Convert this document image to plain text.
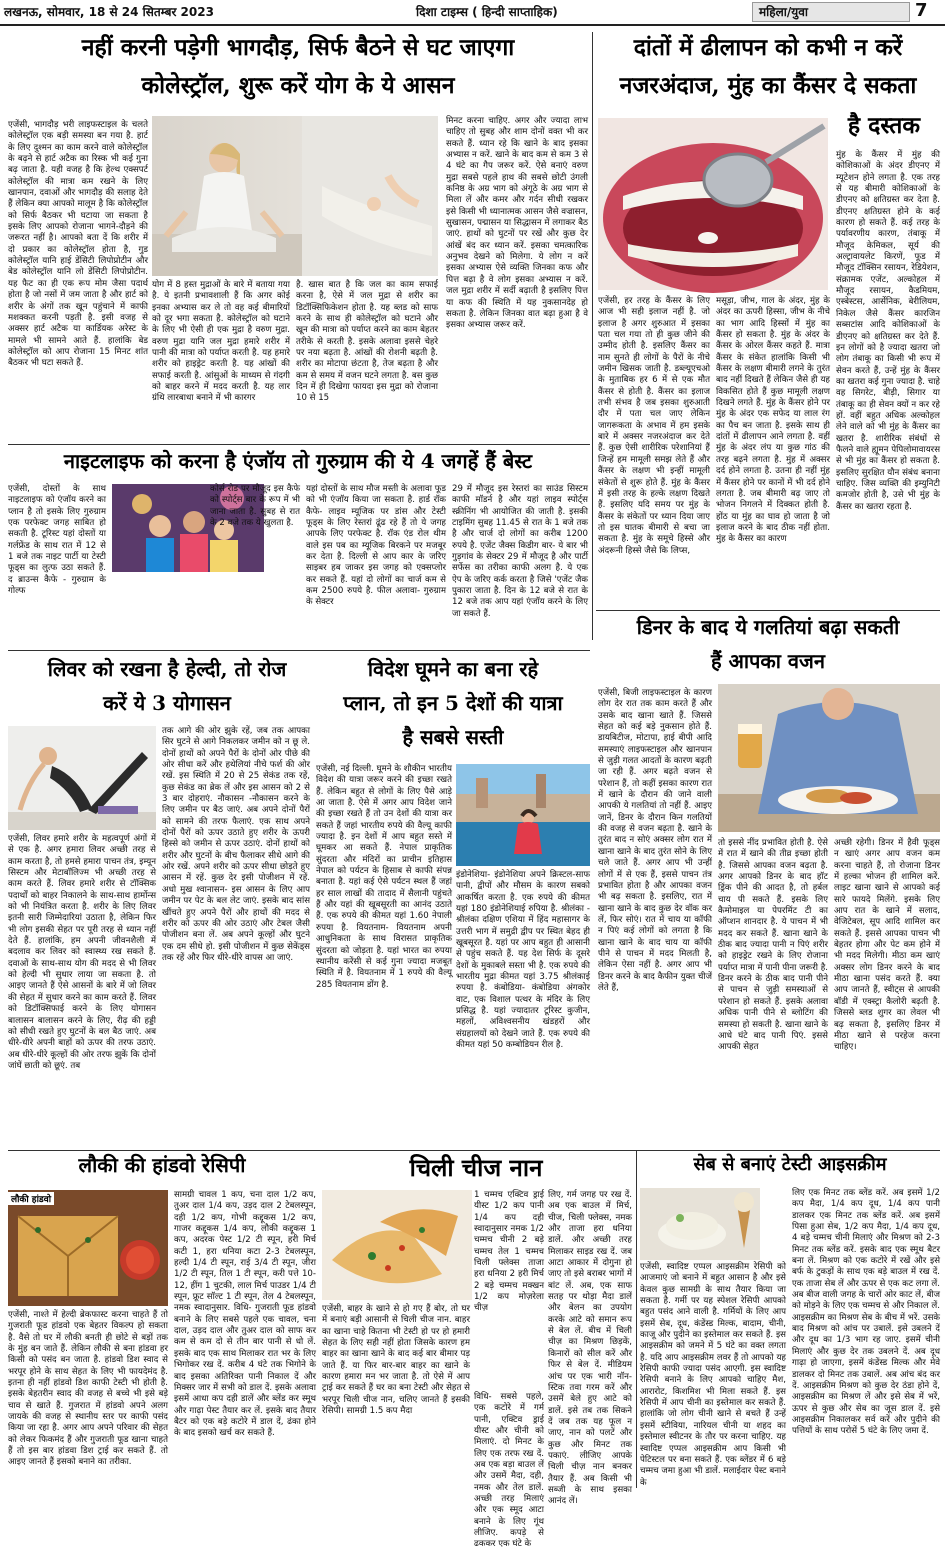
लखनऊ, सोमवार, 18 से 24 सितम्बर 2023	दिशा टाइम्स ( हिन्दी साप्ताहिक)	महिला/युवा	7
नहीं करनी पड़ेगी भागदौड़, सिर्फ बैठने से घट जाएगा
कोलेस्ट्रॉल, शुरू करें योग के ये आसन
एजेंसी, भागदौड़ भरी लाइफस्टाइल के चलते कोलेस्ट्रॉल एक बड़ी समस्या बन गया है. हार्ट के लिए दुश्मन का काम करने वाले कोलेस्ट्रॉल के बढ़ने से हार्ट अटैक का रिस्क भी कई गुना बढ़ जाता है. यही वजह है कि हेल्थ एक्सपर्ट कोलेस्ट्रॉल की मात्रा कम रखने के लिए खानपान, दवाओं और भागदौड़ की सलाह देते हैं लेकिन क्या आपको मालूम है कि कोलेस्ट्रॉल को सिर्फ बैठकर भी घटाया जा सकता है इसके लिए आपको रोजाना भागने-दौड़ने की जरूरत नहीं है। आपको बता दें कि शरीर में दो प्रकार का कोलेस्ट्रॉल होता है, गुड कोलेस्ट्रॉल यानि हाई डेंसिटी लिपोप्रोटीन और बेड कोलेस्ट्रॉल यानि लो डेंसिटी लिपोप्रोटीन. यह फैट का ही एक रूप मोम जैसा पदार्थ होता है जो नसों में जम जाता है और हार्ट को शरीर के अंगों तक खून पहुंचाने में काफी मशक्कत करनी पड़ती है. इसी वजह से अक्सर हार्ट अटैक या कार्डियक अरेस्ट के मामले भी सामने आते हैं. हालांकि बेड कोलेस्ट्रॉल को आप रोजाना 15 मिनट शांत बैठकर भी घटा सकते हैं.
योग में 8 हस्त मुद्राओं के बारे में बताया गया है. ये इतनी प्रभावशाली हैं कि अगर कोई इनका अभ्यास कर ले तो वह कई बीमारियों को दूर भगा सकता है. कोलेस्ट्रॉल को घटाने के लिए भी ऐसी ही एक मुद्रा है वरुण मुद्रा. वरुण मुद्रा यानि जल मुद्रा हमारे शरीर में पानी की मात्रा को पर्याप्त करती है. यह हमारे शरीर को हाइड्रेट करती है. यह आंखों की सफाई करती है. आंसुओं के माध्यम से गंदगी को बाहर करने में मदद करती है. यह लार ग्रंथि लारबाधा बनाने में भी कारगर
है. खास बात है कि जल का काम सफाई करना है, ऐसे में जल मुद्रा से शरीर का डिटॉक्सिफिकेशन होता है. यह ब्लड को साफ करने के साथ ही कोलेस्ट्रॉल को घटाने और खून की मात्रा को पर्याप्त करने का काम बेहतर तरीके से करती है. इसके अलावा इससे चेहरे पर नया बढ़ता है. आंखों की रोशनी बढ़ती है. शरीर का मोटापा छंटता है, तेज बढ़ता है और कम से समय में वजन घटने लगता है. बस कुछ दिन में ही दिखेगा फायदा इस मुद्रा को रोजाना 10 से 15
मिनट करना चाहिए. अगर और ज्यादा लाभ चाहिए तो सुबह और शाम दोनों वक्त भी कर सकते हैं. ध्यान रहे कि खाने के बाद इसका अभ्यास न करें. खाने के बाद कम से कम 3 से 4 घंटे का गैप जरूर करें. ऐसे बनाएं वरुण मुद्रा सबसे पहले हाथ की सबसे छोटी उंगली कनिष्ठ के अग्र भाग को अंगूठे के अग्र भाग से मिला लें और कमर और गर्दन सीधी रखकर इसे किसी भी ध्यानात्मक आसन जैसे वज्रासन, सुखासन, पद्मासन या सिद्धासन में लगाकर बैठ जाएं. हाथों को घुटनों पर रखें और कुछ देर आंखें बंद कर ध्यान करें. इसका चमत्कारिक अनुभव देखने को मिलेगा. ये लोग न करें इसका अभ्यास ऐसे व्यक्ति जिनका कफ और पित्त बढ़ा है वे लोग इसका अभ्यास न करें. जल मुद्रा शरीर में सर्दी बढ़ाती है इसलिए पित्त या कफ की स्थिति में यह नुकसानदेह हो सकता है. लेकिन जिनका वात बढ़ा हुआ है वे इसका अभ्यास जरूर करें.
दांतों में ढीलापन को कभी न करें
नजरअंदाज, मुंह का कैंसर दे सकता
है दस्तक
मुंह के कैंसर में मुंह की कोशिकाओं के अंदर डीएनए में म्यूटेशन होने लगता है. एक तरह से यह बीमारी कोशिकाओं के डीएनए को क्षतिग्रस्त कर देता है. डीएनए क्षतिग्रस्त होने के कई कारण हो सकते हैं. कई तरह के पर्यावरणीय कारण, तंबाकू में मौजूद केमिकल, सूर्य की अल्ट्रावायलेट किरणें, फूड में मौजूद टॉक्सिन रसायन, रेडियेशन, संक्रामक एजेंट, अल्कोहल में मौजूद रसायन, कैडमियम, एस्बेस्टस, आर्सेनिक, बेरीलियम, निकेल जैसे कैंसर कारजिन सब्सटांस आदि कोशिकाओं के डीएनए को क्षतिग्रस्त कर देते हैं. इन लोगों को है ज्यादा खतरा जो लोग तंबाकू का किसी भी रूप में सेवन करते हैं, उन्हें मुंह के कैंसर का खतरा कई गुना ज्यादा है. चाहे वह सिगरेट, बीड़ी, सिगार या तंबाकू का ही सेवन क्यों न कर रहे हों. वहीं बहुत अधिक अल्कोहल लेने वाले को भी मुंह के कैंसर का खतरा है. शारीरिक संबंधों से फैलने वाले ह्यूमन पेपिलोमावायरस से भी मुंह का कैंसर हो सकता है. इसलिए सुरक्षित यौन संबंध बनाना चाहिए. जिस व्यक्ति की इम्युनिटी कमजोर होती है, उसे भी मुंह के कैंसर का खतरा रहता है.
एजेंसी, हर तरह के कैंसर के लिए आज भी सही इलाज नहीं है. जो इलाज है अगर शुरुआत में इसका पता चल गया तो ही कुछ जीने की उम्मीद होती है. इसलिए कैंसर का नाम सुनते ही लोगों के पैरों के नीचे जमीन खिसक जाती है. डब्ल्यूएचओ के मुताबिक हर 6 में से एक मौत कैंसर से होती है. कैंसर का इलाज तभी संभव है जब इसका शुरुआती दौर में पता चल जाए लेकिन जागरूकता के अभाव में हम इसके बारे में अक्सर नजरअंदाज कर देते हैं. कुछ ऐसी शारीरिक परेशानियां हैं जिन्हें हम मामूली समझ लेते हैं और कैंसर के लक्षण भी इन्हीं मामूली संकेतों से शुरू होते हैं. मुंह के कैंसर में इसी तरह के हल्के लक्षण दिखते हैं. इसलिए यदि समय पर मुंह के कैंसर के संकेतों पर ध्यान दिया जाए तो इस घातक बीमारी से बचा जा सकता है. मुंह के समूचे हिस्से और अंदरूनी हिस्से जैसे कि लिप्स,
मसूड़ा, जीभ, गाल के अंदर, मुंह के अंदर का ऊपरी हिस्सा, जीभ के नीचे का भाग आदि हिस्सों में मुंह का कैंसर हो सकता है. मुंह के अंदर के कैंसर के ओरल कैंसर कहते हैं. मात्रा कैंसर के संकेत हालांकि किसी भी कैंसर के लक्षण बीमारी लगने के तुरंत बाद नहीं दिखते हैं लेकिन जैसे ही यह विकसित होते हैं कुछ मामूली लक्षण दिखने लगते हैं. मुंह के कैंसर होने पर मुंह के अंदर एक सफेद या लाल रंग का पैच बन जाता है. इसके साथ ही दांतों में ढीलापन आने लगता है. वहीं मुंह के अंदर लंप या कुछ गांठ की तरह बढ़ने लगता है. मुंह में अक्सर दर्द होने लगता है. उतना ही नहीं मुंह में कैंसर होने पर कानों में भी दर्द होने लगता है. जब बीमारी बढ़ जाए तो भोजन निगलने में दिक्कत होती है. होंठ या मुंह का घाव हो जाता है जो इलाज करने के बाद ठीक नहीं होता. मुंह के कैंसर का कारण
नाइटलाइफ को करना है एंजॉय तो गुरुग्राम की ये 4 जगहें हैं बेस्ट
एजेंसी, दोस्तों के साथ नाइटलाइफ को एंजॉय करने का प्लान है तो इसके लिए गुरुग्राम एक परफेक्ट जगह साबित हो सकती है. टूरिस्ट यहां दोस्तों या गर्लफ्रेंड के साथ रात में 12 से 1 बजे तक नाइट पार्टी या टेस्टी फूड्स का लुत्फ उठा सकते हैं. द ब्राउन्स कैफे - गुरुग्राम के गोल्फ
कोर्स रोड पर मौजूद इस कैफे को स्पोर्ट्स बार के रूप में भी जाना जाता है. सुबह से रात के 2 बजे तक ये खुलता है.
यहां दोस्तों के साथ मौज मस्ती के अलावा फूड को भी एंजॉय किया जा सकता है. हार्ड रॉक कैफे- लाइव म्यूजिक पर डांस और टेस्टी फूड्स के लिए रेस्तरां ढूंढ रहे हैं तो ये जगह आपके लिए परफेक्ट है. रॉक एंड रोल थीम वाले इस पब का म्यूजिक बिरकने पर मजबूर कर देता है. दिल्ली से आप कार के जरिए साइबर हब जाकर इस जगह को एक्सप्लोर कर सकते हैं. यहां दो लोगों का चार्ज कम से कम 2500 रुपये है. फील अलावा- गुरुग्राम के सेक्टर
29 में मौजूद इस रेस्तरां का साउंड सिस्टम काफी मॉडर्न है और यहां लाइव स्पोर्ट्स स्क्रीनिंग भी आयोजित की जाती है. इसकी टाइमिंग सुबह 11.45 से रात के 1 बजे तक है और चार्ज दो लोगों का करीब 1200 रुपये है. एजेंट जैक्स किडीग बार- ये बार भी गुड़गांव के सेक्टर 29 में मौजूद है और पार्टी सर्फेस का तरीका काफी अलग है. ये एक ऐप के जरिए कर्क करता है जिसे 'एजेंट जैक पुकारा जाता है. दिन के 12 बजे से रात के 12 बजे तक आप यहां एंजॉय करने के लिए जा सकते हैं.
डिनर के बाद ये गलतियां बढ़ा सकती
हैं आपका वजन
एजेंसी, बिजी लाइफस्टाइल के कारण लोग देर रात तक काम करते हैं और उसके बाद खाना खाते हैं. जिससे सेहत को कई बड़े नुकसान होते हैं. डायबिटीज, मोटापा, हाई बीपी आदि समस्याएं लाइफस्टाइल और खानपान से जुड़ी गलत आदतों के कारण बढ़ती जा रही हैं. अगर बढ़ते वजन से परेशान हैं, तो कहीं इसका कारण रात में खाने के दौरान की जाने वाली आपकी ये गलतियां तो नहीं हैं. आइए जानें, डिनर के दौरान किन गलतियों की वजह से वजन बढ़ता है. खाने के तुरंत बाद न सोएं अक्सर लोग रात में खाना खाने के बाद तुरंत सोने के लिए चले जाते हैं. अगर आप भी उन्हीं लोगों में से एक हैं, इससे पाचन तंत्र प्रभावित होता है और आपका वजन भी बढ़ सकता है. इसलिए, रात में खाना खाने के बाद कुछ देर वॉक कर लें, फिर सोएं। रात में चाय या कॉफी न पिएं कई लोगों को लगता है कि खाना खाने के बाद चाय या कॉफी पीने से पाचन में मदद मिलती है, लेकिन ऐसा नहीं है. अगर आप भी डिनर करने के बाद कैफीन युक्त चीजें लेते हैं,
तो इससे नींद प्रभावित होती है. ऐसे में रात में खाने की तीव्र इच्छा होती है. जिससे आपका वजन बढ़ता है. अगर आपको डिनर के बाद हॉट ड्रिंक पीने की आदत है, तो हर्बल चाय पी सकते हैं. इसके लिए कैमोमाइल या पेपरमिंट टी का ऑप्शन शानदार है. ये पाचन में भी मदद कर सकते हैं. खाना खाने के ठीक बाद ज्यादा पानी न पिएं शरीर को हाइड्रेट रखने के लिए रोजाना पर्याप्त मात्रा में पानी पीना जरूरी है. डिनर करने के ठीक बाद पानी पीने से पाचन से जुड़ी समस्याओं से परेशान हो सकते हैं. इसके अलावा अधिक पानी पीने से ब्लोटिंग की समस्या हो सकती है. खाना खाने के आधे घंटे बाद पानी पिएं. इससे आपकी सेहत
अच्छी रहेगी। डिनर में हैवी फूड्स न खाएं अगर आप वजन कम करना चाहते हैं, तो रोजाना डिनर में हल्का भोजन ही शामिल करें. लाइट खाना खाने से आपको कई सारे फायदे मिलेंगे. इसके लिए आप रात के खाने में सलाद, वेजिटेबल, सूप आदि शामिल कर सकते हैं. इससे आपका पाचन भी बेहतर होगा और पेट कम होने में भी मदद मिलेगी। मीठा कम खाएं अक्सर लोग डिनर करने के बाद मीठा खाना पसंद करते हैं. क्या आप जानते हैं, स्वीट्स से आपकी बॉडी में एक्स्ट्रा कैलोरी बढ़ती है. जिससे ब्लड शुगर का लेवल भी बढ़ सकता है, इसलिए डिनर में मीठा खाने से परहेज करना चाहिए।
लिवर को रखना है हेल्दी, तो रोज
करें ये 3 योगासन
एजेंसी, लिवर हमारे शरीर के महत्वपूर्ण अंगों में से एक है. अगर हमारा लिवर अच्छी तरह से काम करता है, तो हमसे हमारा पाचन तंत्र, इम्यून सिस्टम और मेटाबॉलिज्म भी अच्छी तरह से काम करते हैं. लिवर हमारे शरीर से टॉक्सिक पदार्थों को बाहर निकालने के साथ-साथ हार्मोन्स को भी नियंत्रित करता है. शरीर के लिए लिवर इतनी सारी जिम्मेदारियां उठाता है, लेकिन फिर भी लोग इसकी सेहत पर पूरी तरह से ध्यान नहीं देते हैं. हालांकि, हम अपनी जीवनशैली में बदलाव कर लिवर को स्वास्थ्य रख सकते हैं. दवाओं के साथ-साथ योग की मदद से भी लिवर को हेल्दी भी सुधार लाया जा सकता है. तो आइए जानते हैं ऐसे आसनों के बारे में जो लिवर की सेहत में सुधार करने का काम करते हैं. लिवर को डिटॉक्सिफाई करने के लिए योगासन बालासन बालासन करने के लिए, रीढ़ की हड्डी को सीधी रखते हुए घुटनों के बल बैठ जाएं. अब धीरे-धीरे अपनी बाहों को ऊपर की तरफ उठाएं. अब धीरे-धीरे कूल्हों की ओर तरफ झुकें कि दोनों जांघें छाती को छूएं. तब
तक आगे की ओर झुके रहें, जब तक आपका सिर घुटने से आगे निकलकर जमीन को न छू ले. दोनों हाथों को अपने पैरों के दोनों ओर पीछे की ओर सीधा करें और हथेलियां नीचे फर्श की ओर रखें. इस स्थिति में 20 से 25 सेकंड तक रहें, कुछ सेकंड का ब्रेक लें और इस आसन को 2 से 3 बार दोहराएं. नौकासन -नौकासन करने के लिए जमीन पर बैठ जाएं. अब अपने दोनों पैरों को सामने की तरफ फैलाएं. एक साथ अपने दोनों पैरों को ऊपर उठाते हुए शरीर के ऊपरी हिस्से को जमीन से ऊपर उठाएं. दोनों हाथों को शरीर और घुटनों के बीच फैलाकर सीधे आगे की ओर रखें. अपने शरीर को ऊपर सीधा छोड़ते हुए आसन में रहें. कुछ देर इसी पोजीशन में रहें. अधो मुख श्वानासन- इस आसन के लिए आप जमीन पर पेट के बल लेट जाएं. इसके बाद सांस खींचते हुए अपने पैरों और हाथों की मदद से शरीर को ऊपर की ओर उठाएं और टेबल जैसी पोजीशन बना लें. अब अपने कूल्हों और घुटने एक दम सीधे हो. इसी पोजीशन में कुछ सेकेंड्स तक रहें और फिर धीरे-धीरे वापस आ जाएं.
विदेश घूमने का बना रहे
प्लान, तो इन 5 देशों की यात्रा
है सबसे सस्ती
एजेंसी, नई दिल्ली. घूमने के शौकीन भारतीय विदेश की यात्रा जरूर करने की इच्छा रखते हैं. लेकिन बहुत से लोगों के लिए पैसे आड़े आ जाता है. ऐसे में अगर आप विदेश जाने की इच्छा रखते हैं तो उन देशों की यात्रा कर सकते हैं जहां भारतीय रुपये की वैल्यू काफी ज्यादा है. इन देशों में आप बहुत सस्ते में घूमकर आ सकते हैं. नेपाल प्राकृतिक सुंदरता और मंदिरों का प्राचीन इतिहास नेपाल को पर्यटन के हिसाब से काफी संपन्न बनाता है. यहां कई ऐसे पर्यटन स्थल हैं जहां हर साल लाखों की तादाद में सैलानी पहुंचते हैं और यहां की खूबसूरती का आनंद उठाते हैं. एक रुपये की कीमत यहां 1.60 नेपाली रुपया है. वियतनाम- वियतनाम अपनी आधुनिकता के साथ विरासत प्राकृतिक सुंदरता को जोड़ता है. यहां भारत का रुपया स्थानीय करेंसी से कई गुना ज्यादा मजबूत स्थिति में है. वियतनाम में 1 रुपये की वैल्यू 285 वियतनाम डोंग है.
इंडोनेशिया- इंडोनेशिया अपने क्रिस्टल-साफ पानी, द्वीपों और मौसम के कारण सबको आकर्षित करता है. एक रुपये की कीमत यहां 180 इंडोनेशियाई रुपिया है. श्रीलंका - श्रीलंका दक्षिण एशिया में हिंद महासागर के उत्तरी भाग में समुद्री द्वीप पर स्थित बेहद ही खूबसूरत है. यहां पर आप बहुत ही आसानी से पहुंच सकते हैं. यह देश सिर्फ के दूसरे देशों के मुकाबले सस्ता भी है. एक रुपये की भारतीय मुद्रा कीमत यहां 3.75 श्रीलंकाई रुपया है. कंबोडिया- कंबोडिया अंगकोर वाट, एक विशाल पत्थर के मंदिर के लिए प्रसिद्ध है. यहां ज्यादातर टूरिस्ट कुजीन, महलों, अविश्वसनीय खंडहरों और संग्रहालयों को देखने जाते हैं. एक रुपये की कीमत यहां 50 कम्बोडियन रील है.
लौकी की हांडवो रेसिपी
लौकी हांडवो
एजेंसी, नाश्ते में हेल्दी ब्रेकफास्ट करना चाहते हैं तो गुजराती फूड हांडवो एक बेहतर विकल्प हो सकता है. वैसे तो घर में लौकी बनती ही छोटे से बड़ों तक के मुंह बन जाते हैं. लेकिन लौकी से बना हांडवा हर किसी को पसंद बन जाता है. हांडवो डिश स्वाद से भरपूर होने के साथ सेहत के लिए भी फायदेमंद है. इतना ही नहीं हांडवो डिश काफी टेस्टी भी होती है. इसके बेहतरीन स्वाद की वजह से बच्चे भी इसे बड़े चाव से खाते हैं. गुजरात में हांडवो अपने अलग जायके की वजह से स्थानीय स्तर पर काफी पसंद किया जा रहा है. अगर आप अपने परिवार की सेहत को लेकर फिकमंद हैं और गुजराती फूड खाना चाहते हैं तो इस बार हांडवा डिश ट्राई कर सकते हैं. तो आइए जानते हैं इसको बनाने का तरीका.
सामग्री चावल 1 कप, चना दाल 1/2 कप, तुअर दाल 1/4 कप, उड़द दाल 2 टेबलस्पून, दही 1/2 कप, गोभी कद्दूकस 1/2 कप, गाजर कद्दूकस 1/4 कप, लौकी कद्दूकस 1 कप, अदरक पेस्ट 1/2 टी स्पून, हरी मिर्च कटी 1, हरा धनिया कटा 2-3 टेबलस्पून, हल्दी 1/4 टी स्पून, राई 3/4 टी स्पून, जीरा 1/2 टी स्पून, तिल 1 टी स्पून, करी पत्ते 10-12, हींग 1 चुटकी, लाल मिर्च पाउडर 1/4 टी स्पून, फ्रूट सॉल्ट 1 टी स्पून, तेल 4 टेबलस्पून, नमक स्वादानुसार. विधि- गुजराती फूड हांडवो बनाने के लिए सबसे पहले एक चावल, चना दाल, उड़द दाल और तुअर दाल को साफ कर कम से कम दो से तीन बार पानी से धो लें. इसके बाद एक साथ मिलाकर रात भर के लिए भिगोकर रख दें. करीब 4 घंटे तक भिगोने के बाद इसका अतिरिक्त पानी निकाल दें और मिक्सर जार में सभी को डाल दें. इसके अलावा इसमें आधा कप दही डालें और ब्लेंड कर स्मूथ और गाढ़ा पेस्ट तैयार कर लें. इसके बाद तैयार बैटर को एक बड़े कटोरे में डाल दें, ढंका होने के बाद इसको खर्च कर सकते हैं.
चिली चीज नान
1 चम्मच एक्टिव ड्राई यीस्ट 1/2 कप पानी 1/4 कप दही स्वादानुसार नमक 1/2 चम्मच चीनी 2 बड़े चम्मच तेल 1 चम्मच चिली फ्लेक्स ताजा हरा धनिया 2 हरी मिर्च 2 बड़े चम्मच मक्खन 1/2 कप मोज़रेला चीज़
एजेंसी, बाहर के खाने से हो गए हैं बोर, तो घर में बनाएं बड़ी आसानी से चिली चीज नान. बाहर का खाना चाहे कितना भी टेस्टी हो पर हो हमारी सेहत के लिए सही नहीं होता जिसके कारण हम बाहर का खाना खाने के बाद कई बार बीमार पड़ जाते हैं. या फिर बार-बार बाहर का खाने के कारण हमारा मन भर जाता है. तो ऐसे में आप ट्राई कर सकते हैं घर का बना टेस्टी और सेहत से भरपूर चिली चीज नान, चलिए जानते हैं इसकी रेसिपी। सामग्री 1.5 कप मैदा
विधि- सबसे पहले, एक कटोरे में गर्म पानी, एक्टिव ड्राई यीस्ट और चीनी को मिलाएं. दो मिनट के लिए एक तरफ रख दें. अब एक बड़ा बाउल लें और उसमें मैदा, दही, नमक और तेल डालें. अच्छी तरह मिलाएं और एक स्मूद आटा बनाने के लिए गूंथ लीजिए. कपड़े से ढककर एक घंटे के
लिए, गर्म जगह पर रख दें. अब एक बाउल में मिर्च, चीज, चिली फ्लेक्स, नमक और ताजा हरा धनिया डालें. और अच्छी तरह मिलाकर साइड रख दें. जब आटा आकार में दोगुना हो जाए तो इसे बराबर भागों में बांट लें. अब, एक साफ सतह पर थोड़ा मैदा डालें और बेलन का उपयोग करके आटे को समान रूप से बेल लें. बीच में चिली चीज़ का मिश्रण छिड़कें, किनारों को सील करें और फिर से बेल दें. मीडियम आंच पर एक भारी नॉन-स्टिक तवा गरम करें और उसमें बेले हुए आटे को डालें. इसे तब तक सिकने दें जब तक यह फूल न जाए, नान को पलटें और कुछ और मिनट तक पकाएं. लीजिए आपके चिली चीज़ नान बनकर तैयार हैं. अब किसी भी सब्जी के साथ इसका आनंद लें।
सेब से बनाएं टेस्टी आइसक्रीम
एजेंसी, स्वादिष्ट एप्पल आइसक्रीम रेसिपी को आजमाएं जो बनाने में बहुत आसान है और इसे केवल कुछ सामग्री के साथ तैयार किया जा सकता है. गर्मी पर यह स्पेशल रेसिपी आपको बहुत पसंद आने वाली है. गर्मियों के लिए आप इसमें सेब, दूध, कंडेंस्ड मिल्क, बादाम, चीनी, काजू और पुदीने का इस्तेमाल कर सकते हैं. इस आइसक्रीम को जमने में 5 घंटे का वक्त लगता है. यदि आप आइसक्रीम लवर हैं तो आपको यह रेसिपी काफी ज्यादा पसंद आएगी. इस स्वादिष्ट रेसिपी बनाने के लिए आपको चाहिए मैश, आरारोट, किशमिश भी मिला सकते हैं. इस रेसिपी में आप चीनी का इस्तेमाल कर सकते हैं. हालांकि जो लोग चीनी खाने से बचते हैं उन्हें इसमें स्टीविया, नारियल चीनी या शहद का इस्तेमाल स्वीटनर के तौर पर करना चाहिए. यह स्वादिष्ट एप्पल आइसक्रीम आप किसी भी पेटिस्टल पर बना सकते हैं. एक ब्लेंडर में 6 बड़े चम्मच जमा हुआ भी डालें. मलाईदार पेस्ट बनाने के
लिए एक मिनट तक ब्लेंड करें. अब इसमें 1/2 कप मैदा, 1/4 कप दूध, 1/4 कप पानी डालकर एक मिनट तक ब्लेंड करें. अब इसमें पिसा हुआ सेब, 1/2 कप मैदा, 1/4 कप दूध, 4 बड़े चम्मच चीनी मिलाएं और मिश्रण को 2-3 मिनट तक ब्लेंड करें. इसके बाद एक स्मूथ बैटर बना लें. मिश्रण को एक कटोरे में रखें और इसे बर्फ के टुकड़ों के साथ एक बड़े बाउल में रख दें. एक ताजा सेब लें और ऊपर से एक कट लगा लें. अब बीज वाली जगह के चारों ओर काट लें, बीज को मोड़ने के लिए एक चम्मच से और निकाल लें. आइसक्रीम का मिश्रण सेब के बीच में भरें. उसके बाद मिश्रण को आंच पर उबालें. इसे उबलने दें और दूध का 1/3 भाग रह जाए. इसमें चीनी मिलाएं और कुछ देर तक उबलने दें. अब दूध गाढ़ा हो जाएगा, इसमें कंडेंस्ड मिल्क और मेवे डालकर दो मिनट तक उबालें. अब आंच बंद कर दें. आइसक्रीम मिश्रण को कुछ देर ठंडा होने दें, आइसक्रीम का मिश्रण लें और इसे सेब में भरें, ऊपर से कुछ और सेब का जूस डाल दें. इसे आइसक्रीम निकालकर सर्व करें और पुदीने की पत्तियों के साथ परोसें 5 घंटे के लिए जमा दें.
